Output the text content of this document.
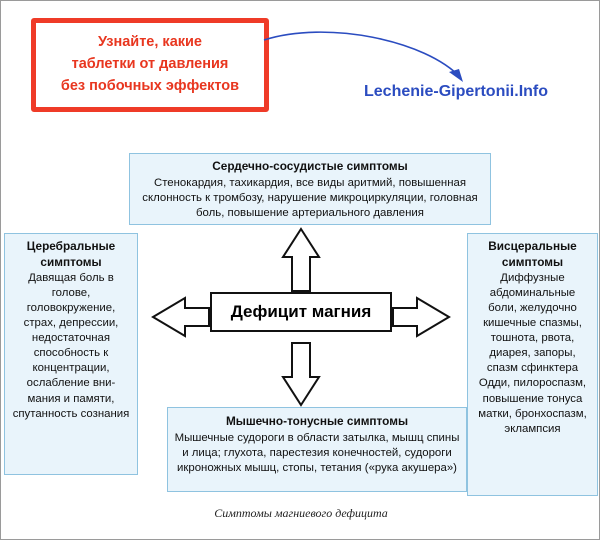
Узнайте, какие
таблетки от давления
без побочных эффектов	Lechenie-Gipertonii.Info
Дефицит магния
Сердечно-сосудистые симптомы
Стенокардия, тахикардия, все виды аритмий, повышенная склонность к тромбозу, нарушение микроциркуляции, головная боль, повышение артериального давления
Церебральные симптомы
Давящая боль в голове, головокружение, страх, депрессии, недостаточная способность к концентрации, ослабление вни-мания и памяти, спутанность сознания
Висцеральные симптомы
Диффузные абдоминальные боли, желудочно кишечные спазмы, тошнота, рвота, диарея, запоры, спазм сфинктера Одди, пилороспазм, повышение тонуса матки, бронхоспазм, эклампсия
Мышечно-тонусные симптомы
Мышечные судороги в области затылка, мышц спины и лица; глухота, парестезия конечностей, судороги икроножных мышц, стопы, тетания («рука акушера»)
Симптомы магниевого дефицита
